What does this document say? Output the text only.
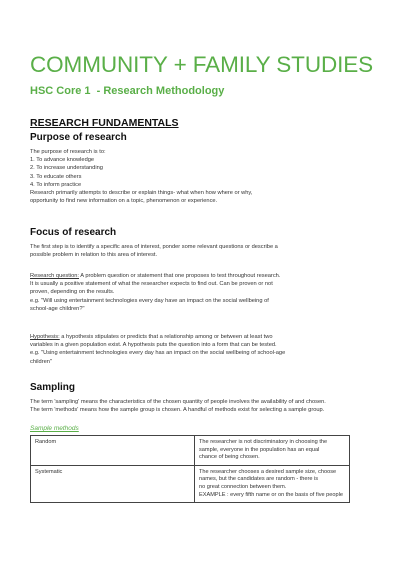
COMMUNITY + FAMILY STUDIES
HSC Core 1  - Research Methodology
RESEARCH FUNDAMENTALS
Purpose of research
The purpose of research is to:
1. To advance knowledge
2. To increase understanding
3. To educate others
4. To inform practice
Research primarily attempts to describe or explain things- what when how where or why,
opportunity to find new information on a topic, phenomenon or experience.
Focus of research
The first step is to identify a specific area of interest, ponder some relevant questions or describe a
possible problem in relation to this area of interest.
Research question: A problem question or statement that one proposes to test throughout research.
It is usually a positive statement of what the researcher expects to find out. Can be proven or not
proven, depending on the results.
e.g. "Will using entertainment technologies every day have an impact on the social wellbeing of
school-age children?"
Hypothesis: a hypothesis stipulates or predicts that a relationship among or between at least two
variables in a given population exist. A hypothesis puts the question into a form that can be tested.
e.g. "Using entertainment technologies every day has an impact on the social wellbeing of school-age
children"
Sampling
The term 'sampling' means the characteristics of the chosen quantity of people involves the availability of and chosen.
The term 'methods' means how the sample group is chosen. A handful of methods exist for selecting a sample group.
Sample methods
Random	The researcher is not discriminatory in choosing the
sample, everyone in the population has an equal
chance of being chosen.

Systematic	The researcher chooses a desired sample size, choose
names, but the candidates are random - there is
no great connection between them.
EXAMPLE : every fifth name or on the basis of five people
